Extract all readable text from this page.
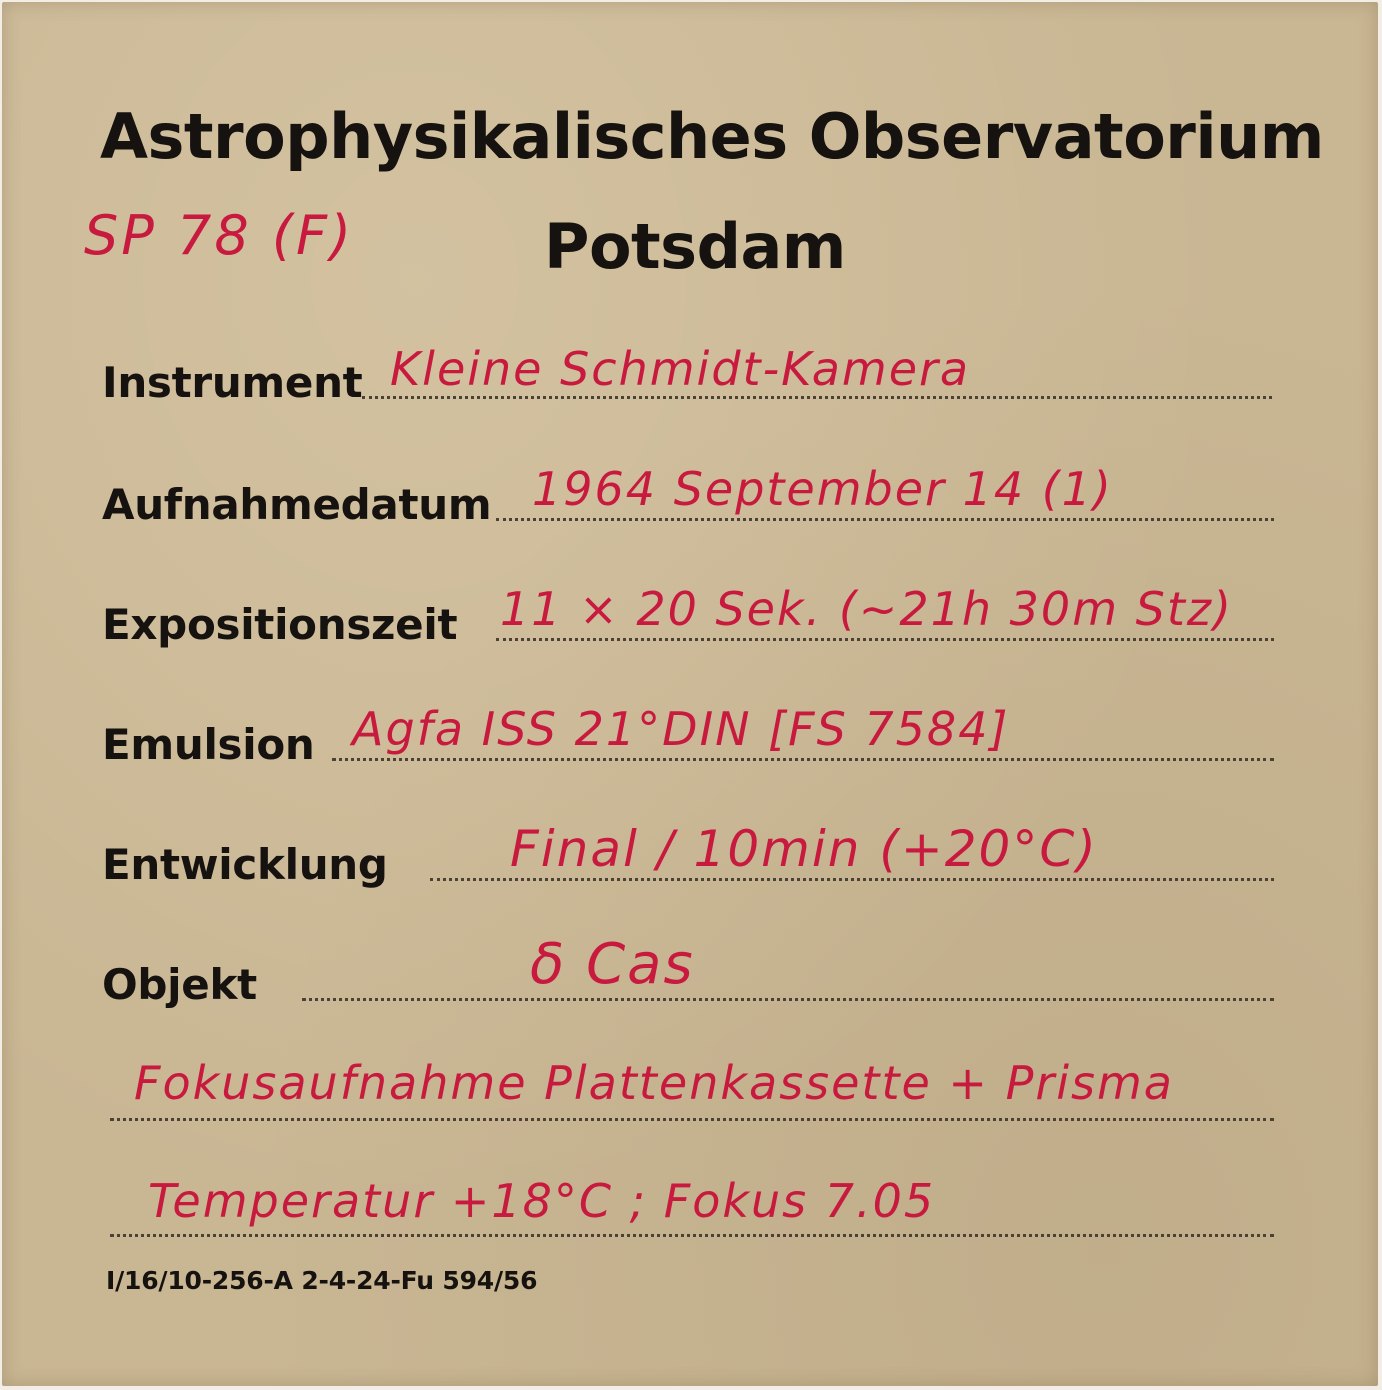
Astrophysikalisches Observatorium
Potsdam
SP 78 (F)
Instrument Kleine Schmidt-Kamera
Aufnahmedatum 1964 September 14 (1)
Expositionszeit 11 × 20 Sek. (~21h 30m Stz)
Emulsion Agfa ISS 21°DIN [FS 7584]
Entwicklung Final / 10min (+20°C)
Objekt	δ Cas
Fokusaufnahme Plattenkassette + Prisma
Temperatur +18°C ; Fokus 7.05
I/16/10-256-A 2-4-24-Fu 594/56
